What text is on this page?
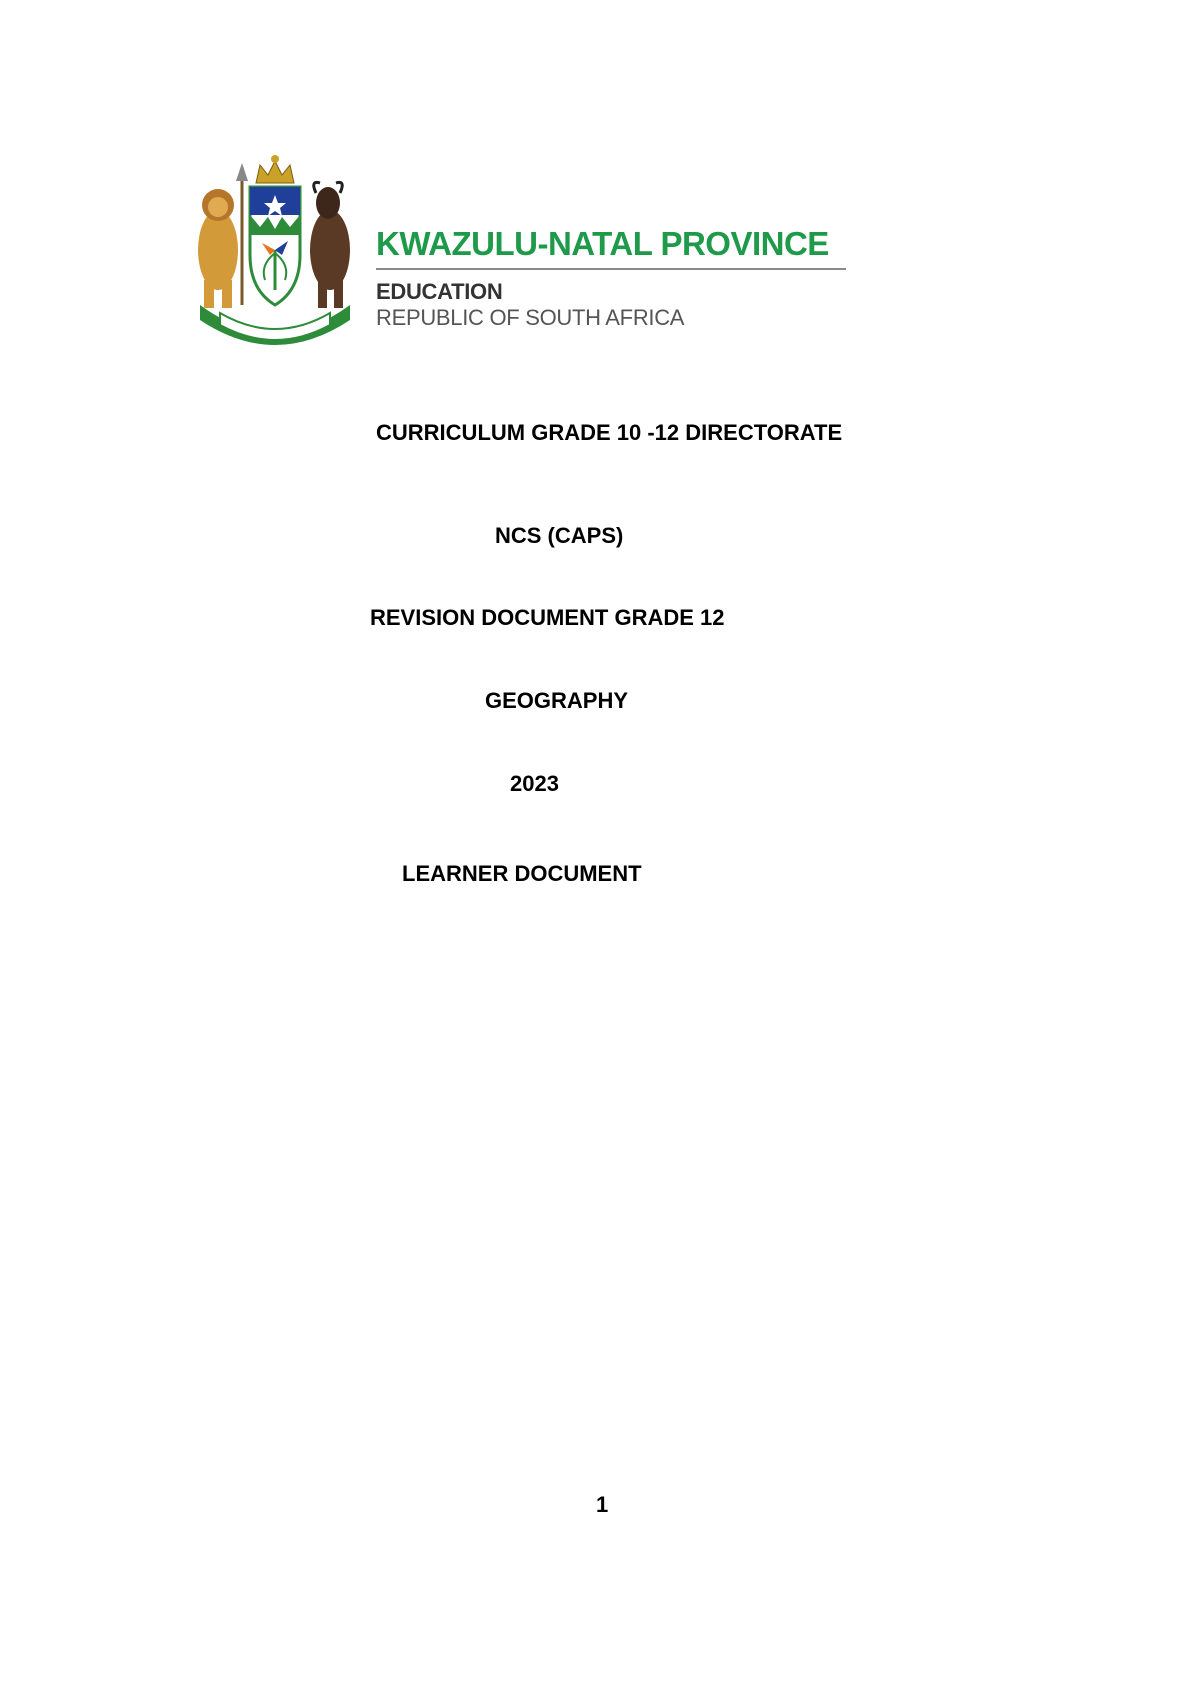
KWAZULU-NATAL PROVINCE
EDUCATION
REPUBLIC OF SOUTH AFRICA
CURRICULUM GRADE 10 -12 DIRECTORATE
NCS (CAPS)
REVISION DOCUMENT GRADE 12
GEOGRAPHY
2023
LEARNER DOCUMENT
1
